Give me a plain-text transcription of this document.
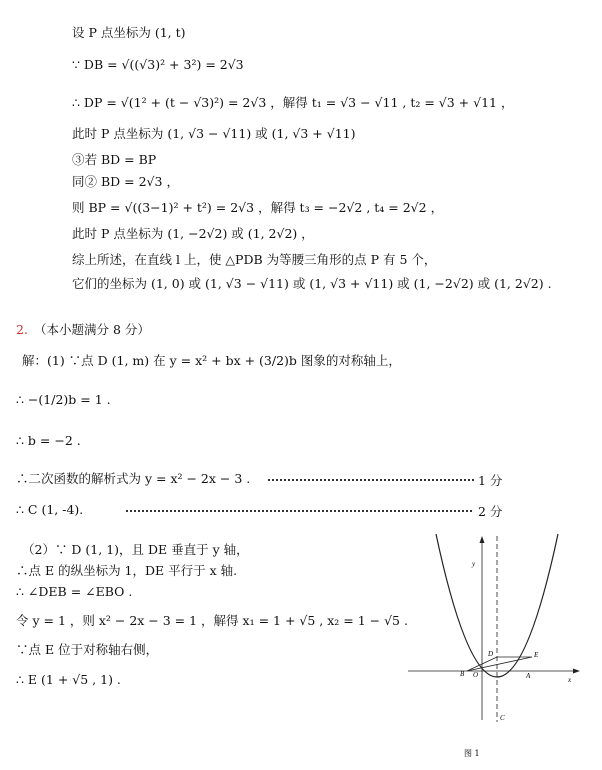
设 P 点坐标为 (1, t)
∵ DB = √((√3)² + 3²) = 2√3
∴ DP = √(1² + (t − √3)²) = 2√3 ，解得 t₁ = √3 − √11 , t₂ = √3 + √11 ，
此时 P 点坐标为 (1, √3 − √11) 或 (1, √3 + √11)
③若 BD = BP
同② BD = 2√3 ，
则 BP = √((3−1)² + t²) = 2√3 ，解得 t₃ = −2√2 , t₄ = 2√2 ，
此时 P 点坐标为 (1, −2√2) 或 (1, 2√2) ，
综上所述，在直线 l 上，使 △PDB 为等腰三角形的点 P 有 5 个，
它们的坐标为 (1, 0) 或 (1, √3 − √11) 或 (1, √3 + √11) 或 (1, −2√2) 或 (1, 2√2) .
2. （本小题满分 8 分）
解：(1) ∵点 D (1, m) 在 y = x² + bx + (3/2)b 图象的对称轴上，
∴ −(1/2)b = 1 .
∴ b = −2 .
∴二次函数的解析式为 y = x² − 2x − 3 .	1 分
∴ C (1, -4).	2 分
（2）∵ D (1, 1)，且 DE 垂直于 y 轴，
∴点 E 的纵坐标为 1，DE 平行于 x 轴.
∴ ∠DEB = ∠EBO .
令 y = 1 ，则 x² − 2x − 3 = 1 ，解得 x₁ = 1 + √5 , x₂ = 1 − √5 .
∵点 E 位于对称轴右侧，
∴ E (1 + √5 , 1) .
y
x
D	E
B O	A
C
图 1
